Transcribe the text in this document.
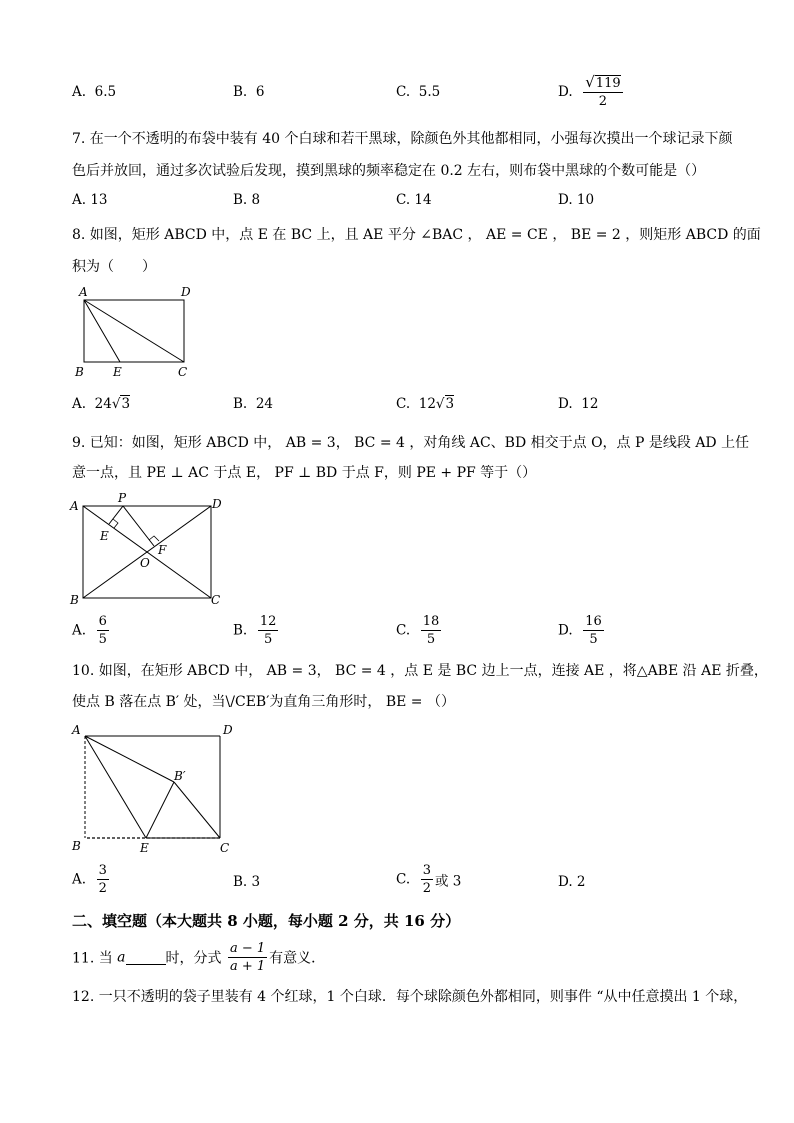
A. 6.5	B. 6	C. 5.5	D. $\frac{√119}{2}$
7. 在一个不透明的布袋中装有 40 个白球和若干黑球，除颜色外其他都相同，小强每次摸出一个球记录下颜
色后并放回，通过多次试验后发现，摸到黑球的频率稳定在 0.2 左右，则布袋中黑球的个数可能是（）
A. 13	B. 8	C. 14	D. 10
8. 如图，矩形 ABCD 中，点 E 在 BC 上，且 AE 平分 ∠BAC ， AE = CE ， BE = 2 ，则矩形 ABCD 的面
积为（　　）
A	D
B E	C
A. 24√3	B. 24	C. 12√3	D. 12
9. 已知：如图，矩形 ABCD 中， AB = 3， BC = 4 ，对角线 AC、BD 相交于点 O，点 P 是线段 AD 上任
意一点，且 PE ⊥ AC 于点 E， PF ⊥ BD 于点 F，则 PE + PF 等于（）
A
P	D
E
F
O
B	C
A. $\frac{6}{5}$	B. $\frac{12}{5}$	C. $\frac{18}{5}$	D. $\frac{16}{5}$
10. 如图，在矩形 ABCD 中， AB = 3， BC = 4 ，点 E 是 BC 边上一点，连接 AE ，将△ABE 沿 AE 折叠，
使点 B 落在点 B′ 处，当\/CEB′为直角三角形时， BE = （）
A	D
B′
B	E	C
A. $\frac{3}{2}$	B. 3	C. $\frac{3}{2}$ 或 3	D. 2
二、填空题（本大题共 8 小题，每小题 2 分，共 16 分）
11. 当 a	时，分式 $\frac{a - 1}{a + 1}$ 有意义．
12. 一只不透明的袋子里装有 4 个红球，1 个白球．每个球除颜色外都相同，则事件 “从中任意摸出 1 个球，
